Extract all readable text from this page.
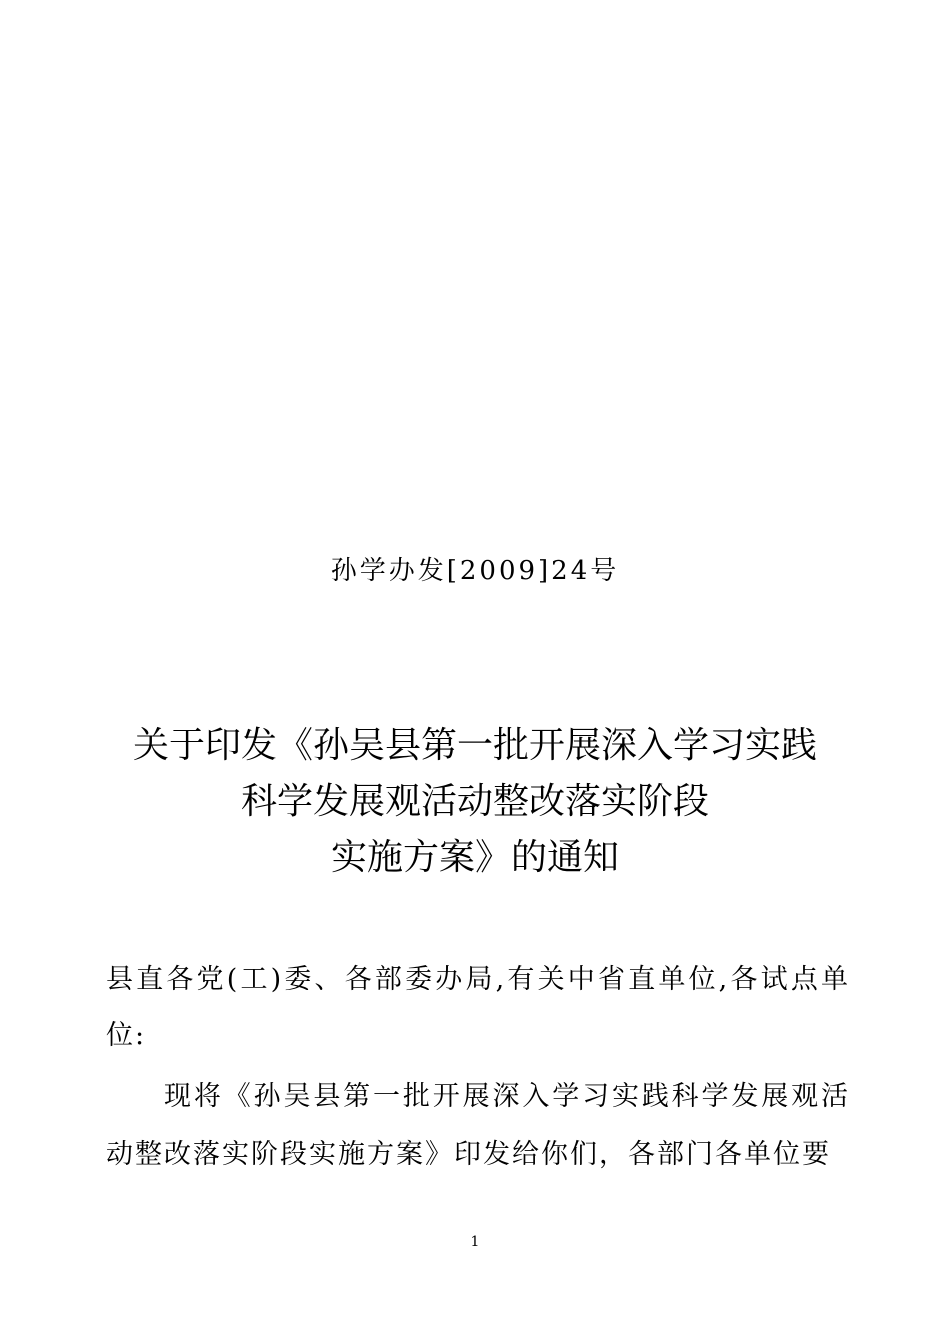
孙学办发[2009]24号
关于印发《孙吴县第一批开展深入学习实践
科学发展观活动整改落实阶段
实施方案》的通知
县直各党(工)委、各部委办局,有关中省直单位,各试点单位:
现将《孙吴县第一批开展深入学习实践科学发展观活动整改落实阶段实施方案》印发给你们，各部门各单位要
1
